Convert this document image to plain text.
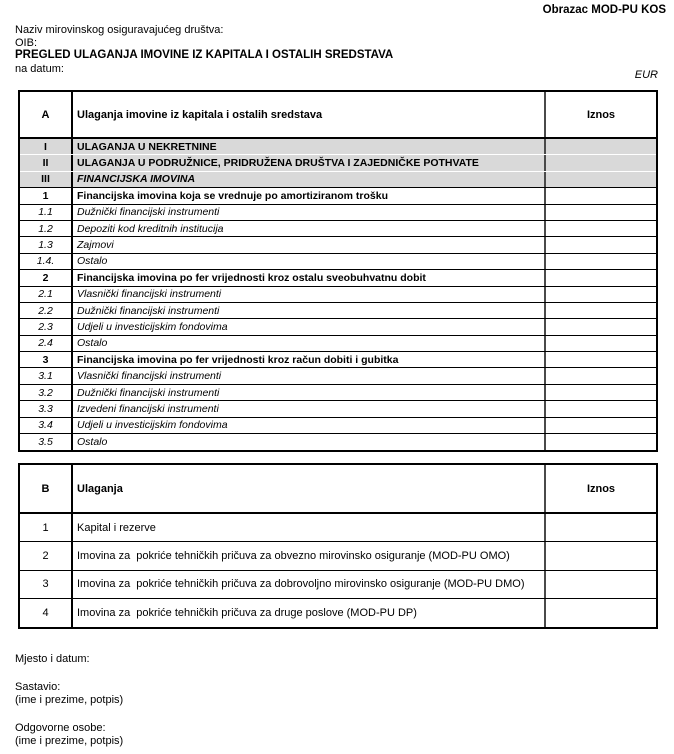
Obrazac MOD-PU KOS
Naziv mirovinskog osiguravajućeg društva:
OIB:
PREGLED ULAGANJA IMOVINE IZ KAPITALA I OSTALIH SREDSTAVA
na datum:	EUR
A	Ulaganja imovine iz kapitala i ostalih sredstava	Iznos
I	ULAGANJA U NEKRETNINE
II	ULAGANJA U PODRUŽNICE, PRIDRUŽENA DRUŠTVA I ZAJEDNIČKE POTHVATE
III	FINANCIJSKA IMOVINA
1	Financijska imovina koja se vrednuje po amortiziranom trošku
1.1	Dužnički financijski instrumenti
1.2	Depoziti kod kreditnih institucija
1.3	Zajmovi
1.4.	Ostalo
2	Financijska imovina po fer vrijednosti kroz ostalu sveobuhvatnu dobit
2.1	Vlasnički financijski instrumenti
2.2	Dužnički financijski instrumenti
2.3	Udjeli u investicijskim fondovima
2.4	Ostalo
3	Financijska imovina po fer vrijednosti kroz račun dobiti i gubitka
3.1	Vlasnički financijski instrumenti
3.2	Dužnički financijski instrumenti
3.3	Izvedeni financijski instrumenti
3.4	Udjeli u investicijskim fondovima
3.5	Ostalo
B	Ulaganja	Iznos
1	Kapital i rezerve
2	Imovina za  pokriće tehničkih pričuva za obvezno mirovinsko osiguranje (MOD-PU OMO)
3	Imovina za  pokriće tehničkih pričuva za dobrovoljno mirovinsko osiguranje (MOD-PU DMO)
4	Imovina za  pokriće tehničkih pričuva za druge poslove (MOD-PU DP)
Mjesto i datum:
Sastavio:
(ime i prezime, potpis)
Odgovorne osobe:
(ime i prezime, potpis)
